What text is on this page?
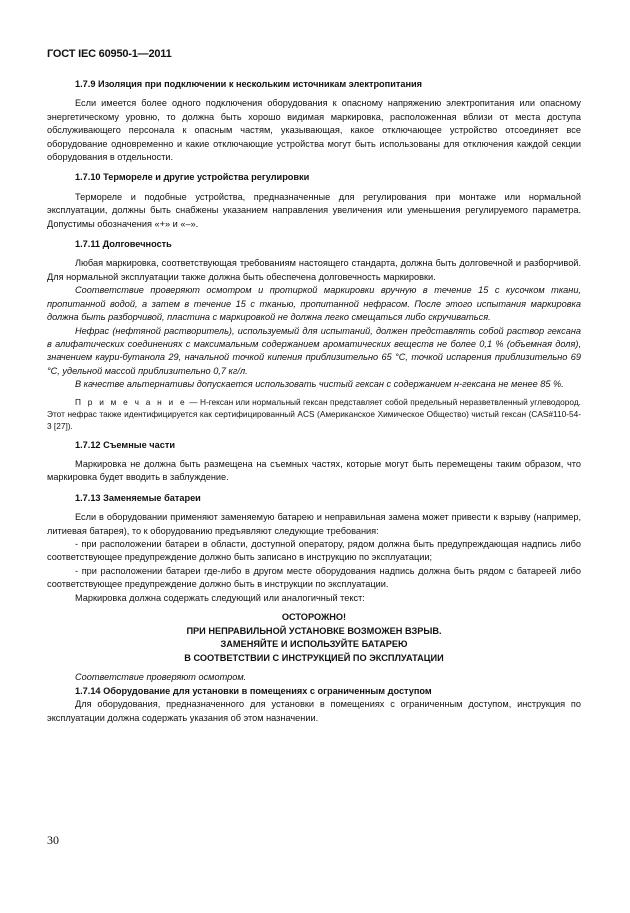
ГОСТ IEC 60950-1—2011

1.7.9 Изоляция при подключении к нескольким источникам электропитания

Если имеется более одного подключения оборудования к опасному напряжению электропитания или опасному энергетическому уровню, то должна быть хорошо видимая маркировка, расположенная вблизи от места доступа обслуживающего персонала к опасным частям, указывающая, какое отключающее устройство отсоединяет все оборудование одновременно и какие отключающие устройства могут быть использованы для отключения каждой секции оборудования в отдельности.

1.7.10 Термореле и другие устройства регулировки

Термореле и подобные устройства, предназначенные для регулирования при монтаже или нормальной эксплуатации, должны быть снабжены указанием направления увеличения или уменьшения регулируемого параметра. Допустимы обозначения «+» и «–».

1.7.11 Долговечность

Любая маркировка, соответствующая требованиям настоящего стандарта, должна быть долговечной и разборчивой. Для нормальной эксплуатации также должна быть обеспечена долговечность маркировки.

Соответствие проверяют осмотром и протиркой маркировки вручную в течение 15 с кусочком ткани, пропитанной водой, а затем в течение 15 с тканью, пропитанной нефрасом. После этого испытания маркировка должна быть разборчивой, пластина с маркировкой не должна легко смещаться либо скручиваться.

Нефрас (нефтяной растворитель), используемый для испытаний, должен представлять собой раствор гексана в алифатических соединениях с максимальным содержанием ароматических веществ не более 0,1 % (объемная доля), значением каури-бутанола 29, начальной точкой кипения приблизительно 65 °С, точкой испарения приблизительно 69 °С, удельной массой приблизительно 0,7 кг/л.

В качестве альтернативы допускается использовать чистый гексан с содержанием н-гексана не менее 85 %.

П р и м е ч а н и е — Н-гексан или нормальный гексан представляет собой предельный неразветвленный углеводород. Этот нефрас также идентифицируется как сертифицированный ACS (Американское Химическое Общество) чистый гексан (CAS#110-54-3 [27]).

1.7.12 Съемные части

Маркировка не должна быть размещена на съемных частях, которые могут быть перемещены таким образом, что маркировка будет вводить в заблуждение.

1.7.13 Заменяемые батареи

Если в оборудовании применяют заменяемую батарею и неправильная замена может привести к взрыву (например, литиевая батарея), то к оборудованию предъявляют следующие требования:

- при расположении батареи в области, доступной оператору, рядом должна быть предупреждающая надпись либо соответствующее предупреждение должно быть записано в инструкцию по эксплуатации;

- при расположении батареи где-либо в другом месте оборудования надпись должна быть рядом с батареей либо соответствующее предупреждение должно быть в инструкции по эксплуатации.

Маркировка должна содержать следующий или аналогичный текст:

ОСТОРОЖНО!

ПРИ НЕПРАВИЛЬНОЙ УСТАНОВКЕ ВОЗМОЖЕН ВЗРЫВ.

ЗАМЕНЯЙТЕ И ИСПОЛЬЗУЙТЕ БАТАРЕЮ

В СООТВЕТСТВИИ С ИНСТРУКЦИЕЙ ПО ЭКСПЛУАТАЦИИ

Соответствие проверяют осмотром.

1.7.14 Оборудование для установки в помещениях с ограниченным доступом

Для оборудования, предназначенного для установки в помещениях с ограниченным доступом, инструкция по эксплуатации должна содержать указания об этом назначении.

30
